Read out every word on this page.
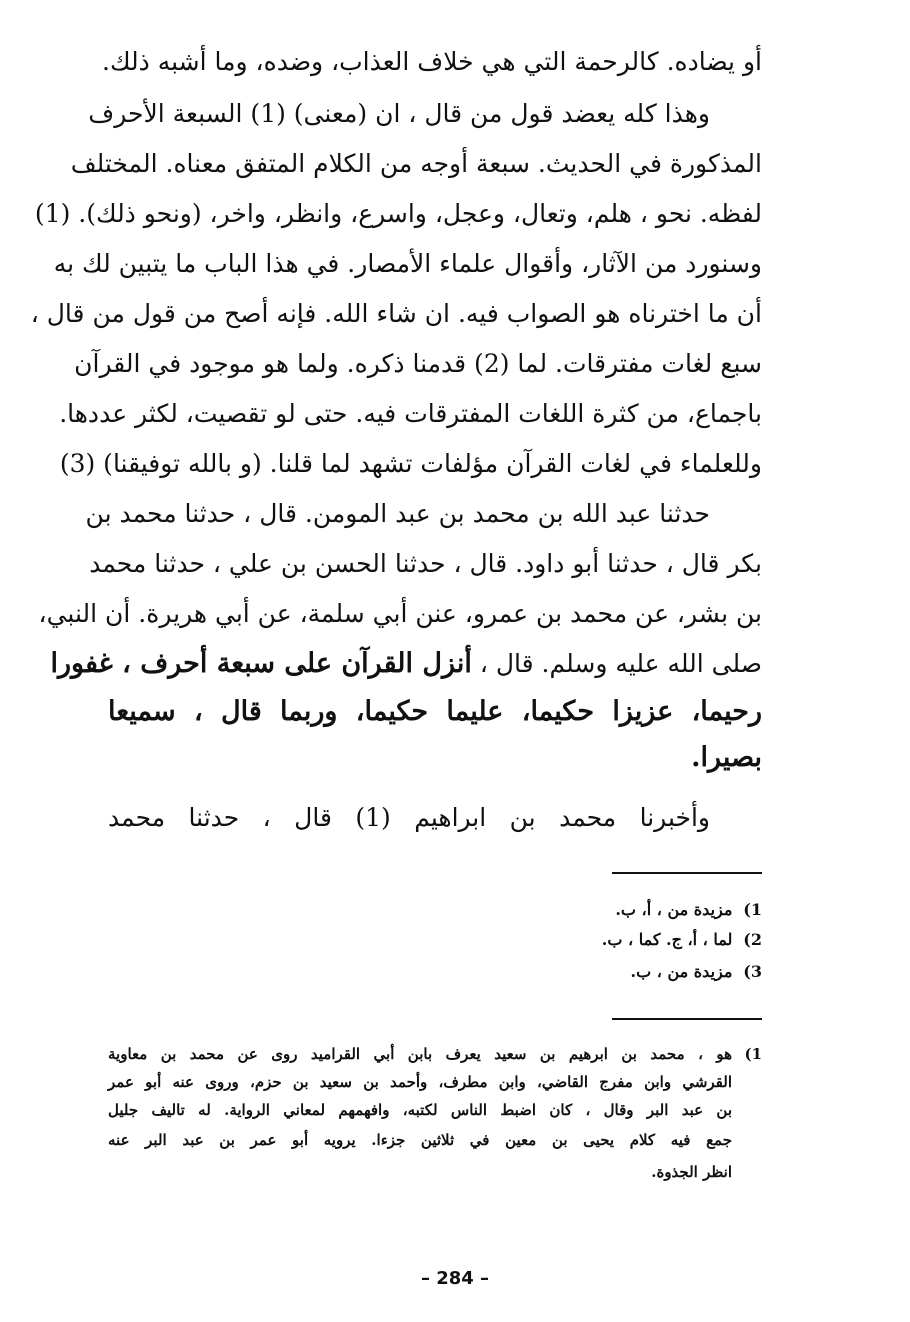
أو يضاده. كالرحمة التي هي خلاف العذاب، وضده، وما أشبه ذلك.
وهذا كله يعضد قول من قال ، ان (معنى) (1) السبعة الأحرف
المذكورة في الحديث. سبعة أوجه من الكلام المتفق معناه. المختلف
لفظه. نحو ، هلم، وتعال، وعجل، واسرع، وانظر، واخر، (ونحو ذلك). (1)
وسنورد من الآثار، وأقوال علماء الأمصار. في هذا الباب ما يتبين لك به
أن ما اخترناه هو الصواب فيه. ان شاء الله. فإنه أصح من قول من قال ،
سبع لغات مفترقات. لما (2) قدمنا ذكره. ولما هو موجود في القرآن
باجماع، من كثرة اللغات المفترقات فيه. حتى لو تقصيت، لكثر عددها.
وللعلماء في لغات القرآن مؤلفات تشهد لما قلنا. (و بالله توفيقنا) (3)
حدثنا عبد الله بن محمد بن عبد المومن. قال ، حدثنا محمد بن
بكر قال ، حدثنا أبو داود. قال ، حدثنا الحسن بن علي ، حدثنا محمد
بن بشر، عن محمد بن عمرو، عنن أبي سلمة، عن أبي هريرة. أن النبي،
صلى الله عليه وسلم. قال ، أنزل القرآن على سبعة أحرف ، غفورا
رحيما، عزيزا حكيما، عليما حكيما، وربما قال ، سميعا
بصيرا.
وأخبرنا محمد بن ابراهيم (1) قال ، حدثنا محمد
1) مزيدة من ، أ، ب.
2) لما ، أ، ج. كما ، ب.
3) مزيدة من ، ب.
1)
هو ، محمد بن ابرهيم بن سعيد يعرف بابن أبي القراميد روى عن محمد بن معاوية
القرشي وابن مفرج القاضي، وابن مطرف، وأحمد بن سعيد بن حزم، وروى عنه أبو عمر
بن عبد البر وقال ، كان اضبط الناس لكتبه، وافهمهم لمعاني الرواية. له تاليف جليل
جمع فيه كلام يحيى بن معين في ثلاثين جزءا. يرويه أبو عمر بن عبد البر عنه
انظر الجذوة.
– 284 –
